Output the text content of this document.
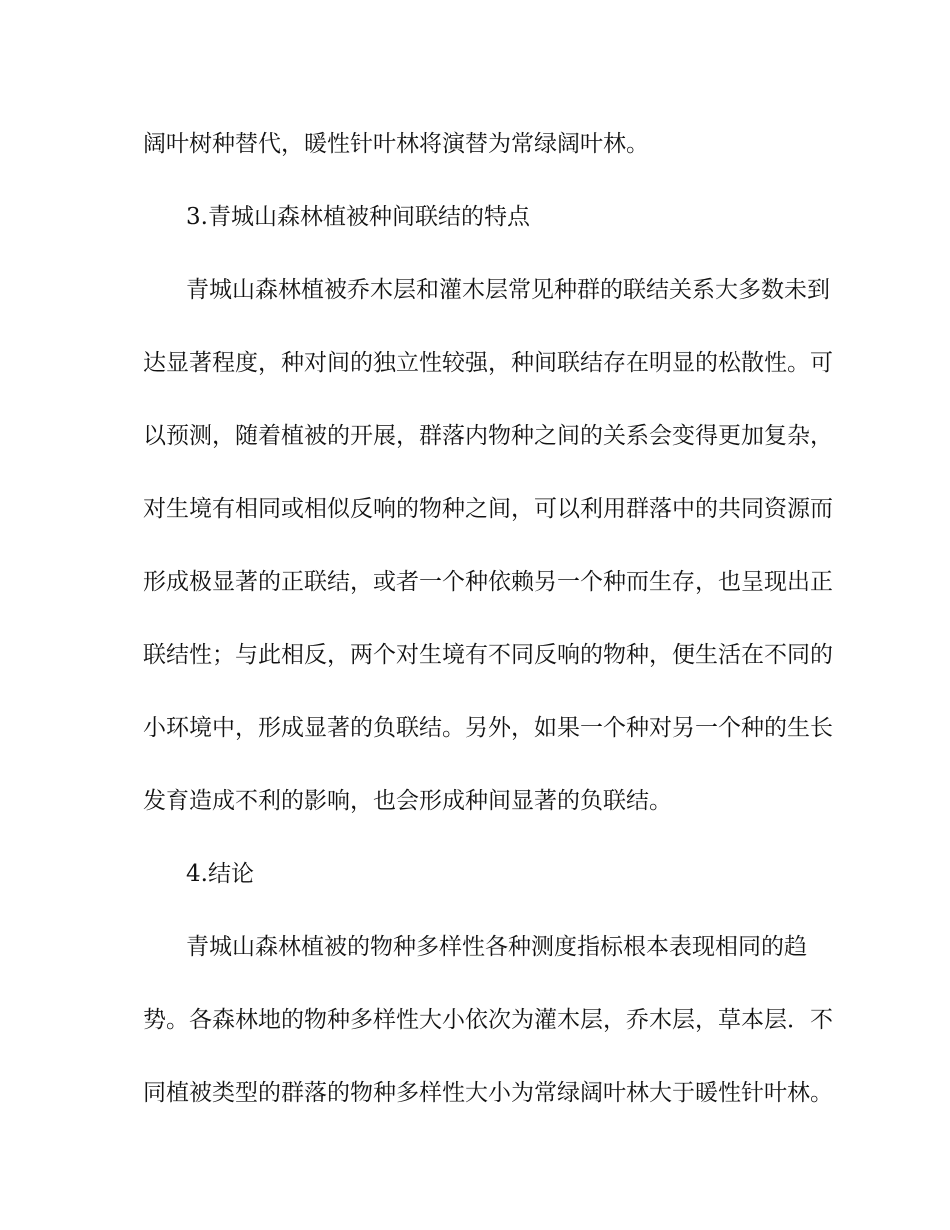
阔叶树种替代，暖性针叶林将演替为常绿阔叶林。
3.青城山森林植被种间联结的特点
青城山森林植被乔木层和灌木层常见种群的联结关系大多数未到
达显著程度，种对间的独立性较强，种间联结存在明显的松散性。可
以预测，随着植被的开展，群落内物种之间的关系会变得更加复杂，
对生境有相同或相似反响的物种之间，可以利用群落中的共同资源而
形成极显著的正联结，或者一个种依赖另一个种而生存，也呈现出正
联结性；与此相反，两个对生境有不同反响的物种，便生活在不同的
小环境中，形成显著的负联结。另外，如果一个种对另一个种的生长
发育造成不利的影响，也会形成种间显著的负联结。
4.结论
青城山森林植被的物种多样性各种测度指标根本表现相同的趋
势。各森林地的物种多样性大小依次为灌木层，乔木层，草本层．不
同植被类型的群落的物种多样性大小为常绿阔叶林大于暖性针叶林。
